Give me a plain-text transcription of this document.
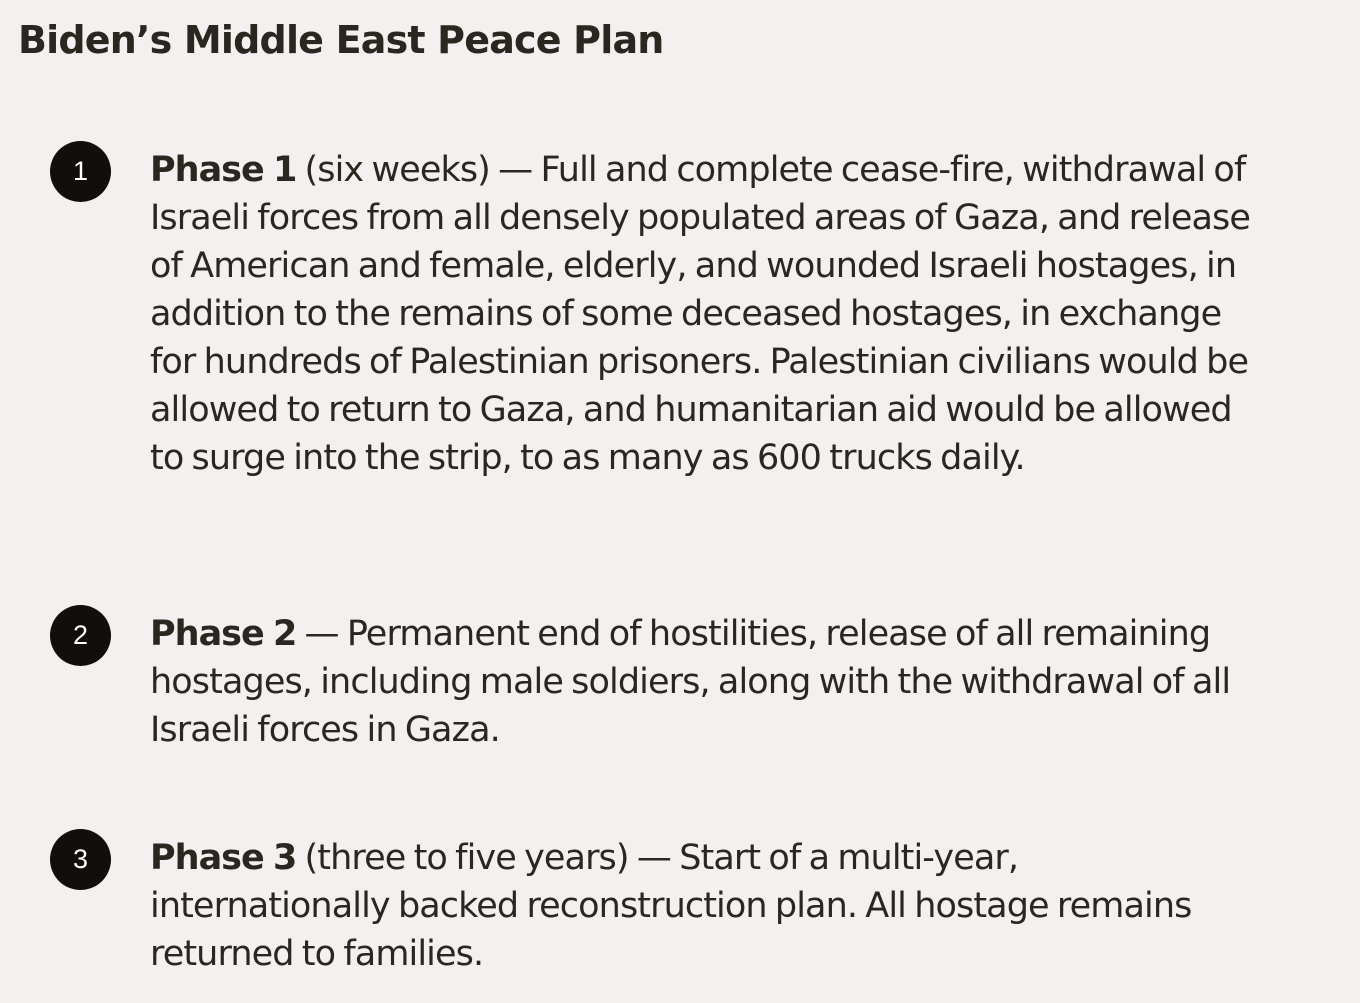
Biden’s Middle East Peace Plan
1	Phase 1 (six weeks) — Full and complete cease-fire, withdrawal of Israeli forces from all densely populated areas of Gaza, and release of American and female, elderly, and wounded Israeli hostages, in addition to the remains of some deceased hostages, in exchange for hundreds of Palestinian prisoners. Palestinian civilians would be allowed to return to Gaza, and humanitarian aid would be allowed to surge into the strip, to as many as 600 trucks daily.

2	Phase 2 — Permanent end of hostilities, release of all remaining hostages, including male soldiers, along with the withdrawal of all Israeli forces in Gaza.

3	Phase 3 (three to five years) — Start of a multi-year, internationally backed reconstruction plan. All hostage remains returned to families.
